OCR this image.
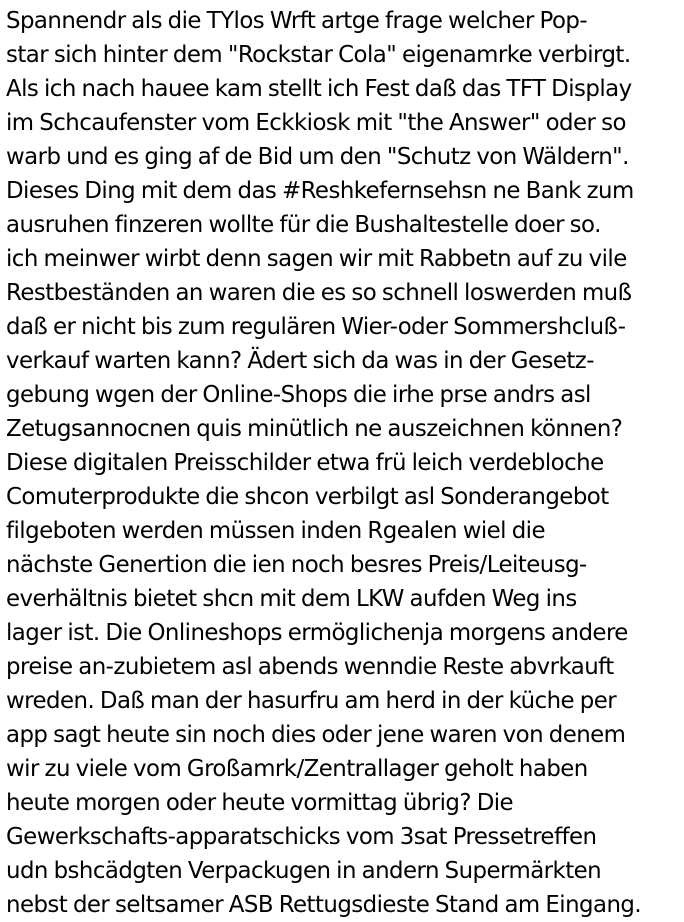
Spannendr als die TYlos Wrft artge frage welcher Pop-
star sich hinter dem "Rockstar Cola" eigenamrke verbirgt.
Als ich nach hauee kam stellt ich Fest daß das TFT Display
im Schcaufenster vom Eckkiosk mit "the Answer" oder so
warb und es ging af de Bid um den "Schutz von Wäldern".
Dieses Ding mit dem das #Reshkefernsehsn ne Bank zum
ausruhen finzeren wollte für die Bushaltestelle doer so.
ich meinwer wirbt denn sagen wir mit Rabbetn auf zu vile
Restbeständen an waren die es so schnell loswerden muß
daß er nicht bis zum regulären Wier-oder Sommershcluß-
verkauf warten kann? Ädert sich da was in der Gesetz-
gebung wgen der Online-Shops die irhe prse andrs asl
Zetugsannocnen quis minütlich ne auszeichnen können?
Diese digitalen Preisschilder etwa frü leich verdebloche
Comuterprodukte die shcon verbilgt asl Sonderangebot
filgeboten werden müssen inden Rgealen wiel die
nächste Genertion die ien noch besres Preis/Leiteusg-
everhältnis bietet shcn mit dem LKW aufden Weg ins
lager ist. Die Onlineshops ermöglichenja morgens andere
preise an-zubietem asl abends wenndie Reste abvrkauft
wreden. Daß man der hasurfru am herd in der küche per
app sagt heute sin noch dies oder jene waren von denem
wir zu viele vom Großamrk/Zentrallager geholt haben
heute morgen oder heute vormittag übrig? Die
Gewerkschafts-apparatschicks vom 3sat Pressetreffen
udn bshcädgten Verpackugen in andern Supermärkten
nebst der seltsamer ASB Rettugsdieste Stand am Eingang.
